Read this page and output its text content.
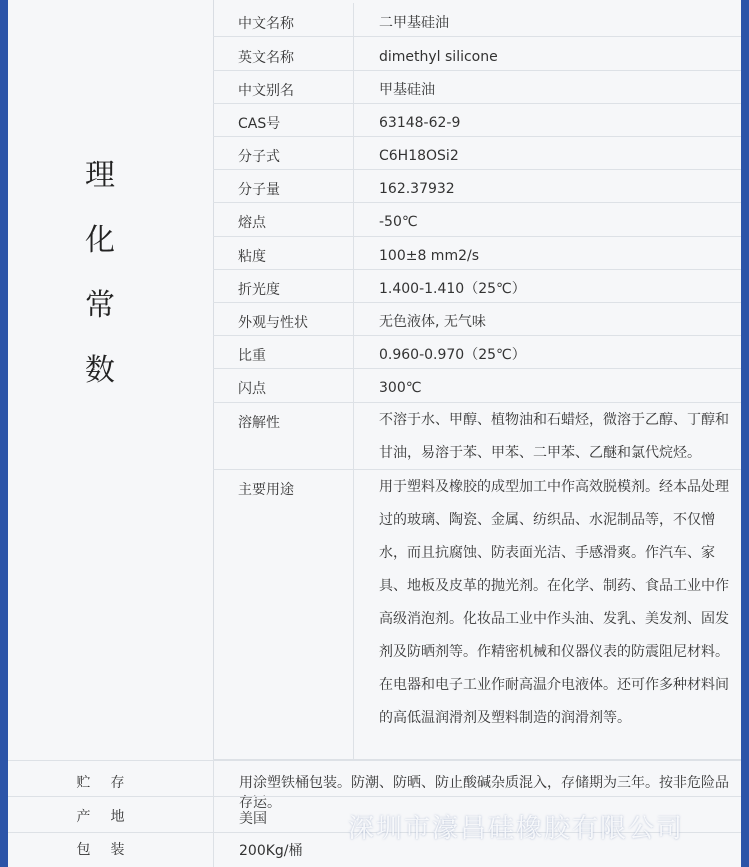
理
化
常
数
中文名称	二甲基硅油
英文名称	dimethyl silicone
中文别名	甲基硅油
CAS号	63148-62-9
分子式	C6H18OSi2
分子量	162.37932
熔点	-50℃
粘度	100±8 mm2/s
折光度	1.400-1.410（25℃）
外观与性状	无色液体, 无气味
比重	0.960-0.970（25℃）
闪点	300℃
溶解性	不溶于水、甲醇、植物油和石蜡烃，微溶于乙醇、丁醇和甘油，易溶于苯、甲苯、二甲苯、乙醚和氯代烷烃。
主要用途	用于塑料及橡胶的成型加工中作高效脱模剂。经本品处理过的玻璃、陶瓷、金属、纺织品、水泥制品等，不仅憎水，而且抗腐蚀、防表面光洁、手感滑爽。作汽车、家具、地板及皮革的抛光剂。在化学、制药、食品工业中作高级消泡剂。化妆品工业中作头油、发乳、美发剂、固发剂及防晒剂等。作精密机械和仪器仪表的防震阻尼材料。在电器和电子工业作耐高温介电液体。还可作多种材料间的高低温润滑剂及塑料制造的润滑剂等。
贮存	用涂塑铁桶包装。防潮、防晒、防止酸碱杂质混入，存储期为三年。按非危险品存运。
产地	美国
包装	200Kg/桶
深圳市濠昌硅橡胶有限公司
